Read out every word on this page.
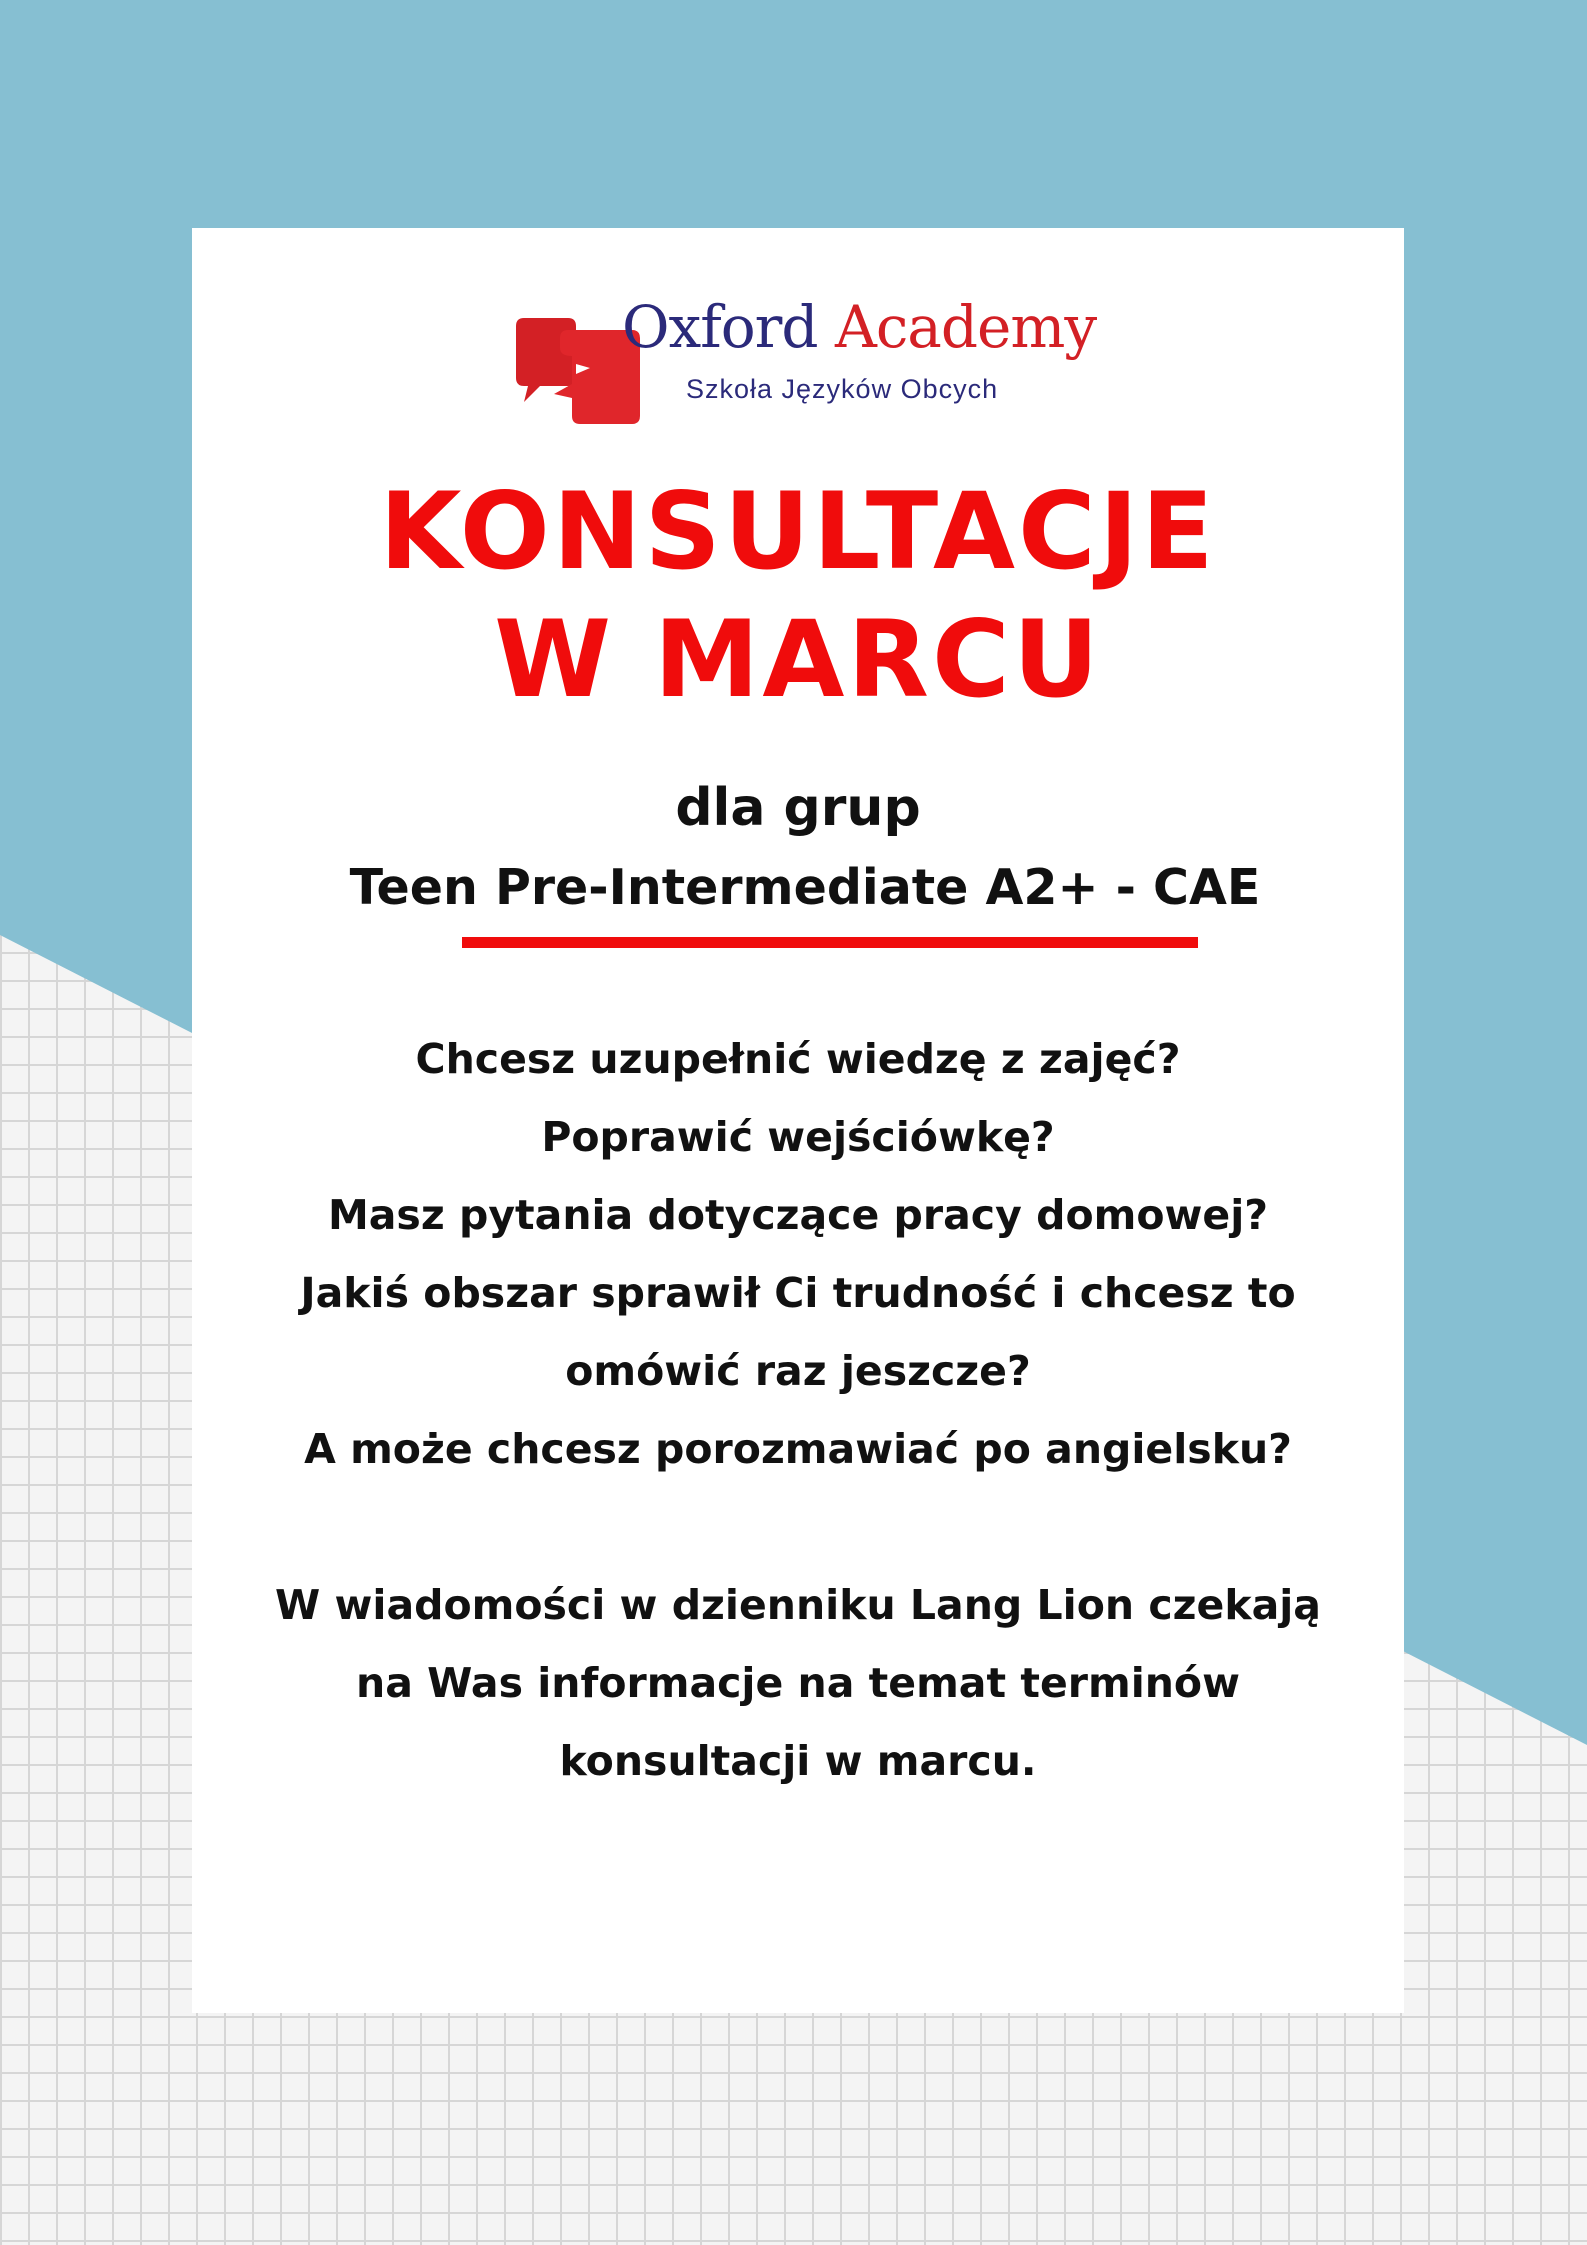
Oxford Academy
Szkoła Języków Obcych
KONSULTACJE
W MARCU
dla grup
Teen Pre-Intermediate A2+ - CAE
Chcesz uzupełnić wiedzę z zajęć?
Poprawić wejściówkę?
Masz pytania dotyczące pracy domowej?
Jakiś obszar sprawił Ci trudność i chcesz to
omówić raz jeszcze?
A może chcesz porozmawiać po angielsku?
W wiadomości w dzienniku Lang Lion czekają
na Was informacje na temat terminów
konsultacji w marcu.
